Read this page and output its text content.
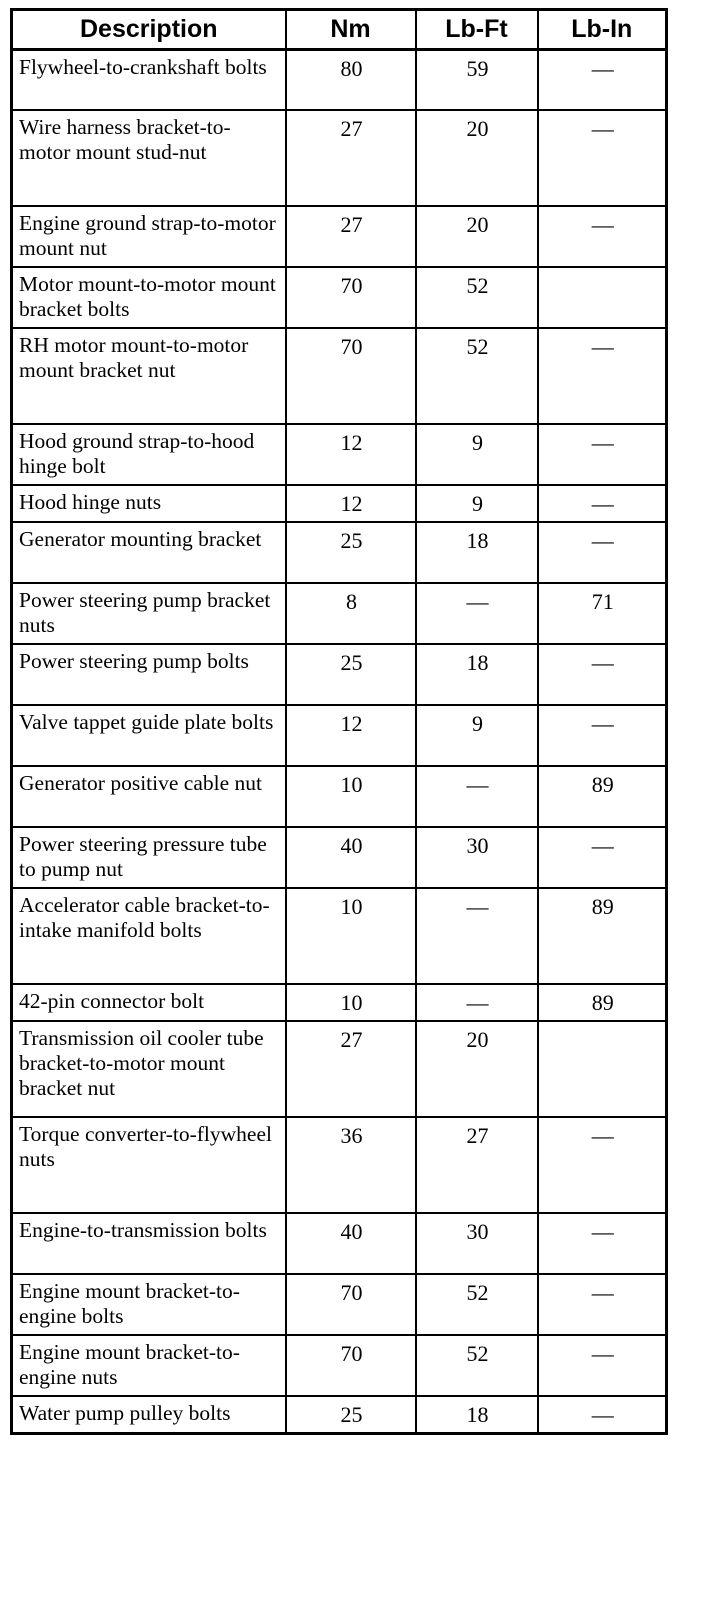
Description	Nm	Lb-Ft	Lb-In
Flywheel-to-crankshaft bolts	80	59	—
Wire harness bracket-to-motor mount stud-nut	27	20	—
Engine ground strap-to-motor mount nut	27	20	—
Motor mount-to-motor mount bracket bolts	70	52	
RH motor mount-to-motor mount bracket nut	70	52	—
Hood ground strap-to-hood hinge bolt	12	9	—
Hood hinge nuts	12	9	—
Generator mounting bracket	25	18	—
Power steering pump bracket nuts	8	—	71
Power steering pump bolts	25	18	—
Valve tappet guide plate bolts	12	9	—
Generator positive cable nut	10	—	89
Power steering pressure tube to pump nut	40	30	—
Accelerator cable bracket-to-intake manifold bolts	10	—	89
42-pin connector bolt	10	—	89
Transmission oil cooler tube bracket-to-motor mount bracket nut	27	20	
Torque converter-to-flywheel nuts	36	27	—
Engine-to-transmission bolts	40	30	—
Engine mount bracket-to-engine bolts	70	52	—
Engine mount bracket-to-engine nuts	70	52	—
Water pump pulley bolts	25	18	—
